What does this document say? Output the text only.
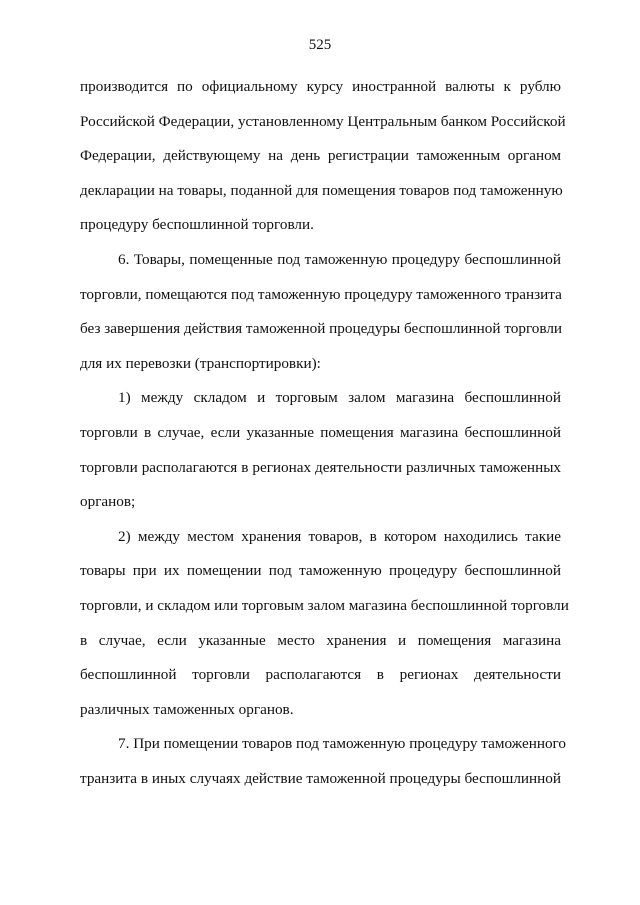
525
производится по официальному курсу иностранной валюты к рублю
Российской Федерации, установленному Центральным банком Российской
Федерации, действующему на день регистрации таможенным органом
декларации на товары, поданной для помещения товаров под таможенную
процедуру беспошлинной торговли.
6. Товары, помещенные под таможенную процедуру беспошлинной
торговли, помещаются под таможенную процедуру таможенного транзита
без завершения действия таможенной процедуры беспошлинной торговли
для их перевозки (транспортировки):
1) между складом и торговым залом магазина беспошлинной
торговли в случае, если указанные помещения магазина беспошлинной
торговли располагаются в регионах деятельности различных таможенных
органов;
2) между местом хранения товаров, в котором находились такие
товары при их помещении под таможенную процедуру беспошлинной
торговли, и складом или торговым залом магазина беспошлинной торговли
в случае, если указанные место хранения и помещения магазина
беспошлинной торговли располагаются в регионах деятельности
различных таможенных органов.
7. При помещении товаров под таможенную процедуру таможенного
транзита в иных случаях действие таможенной процедуры беспошлинной
